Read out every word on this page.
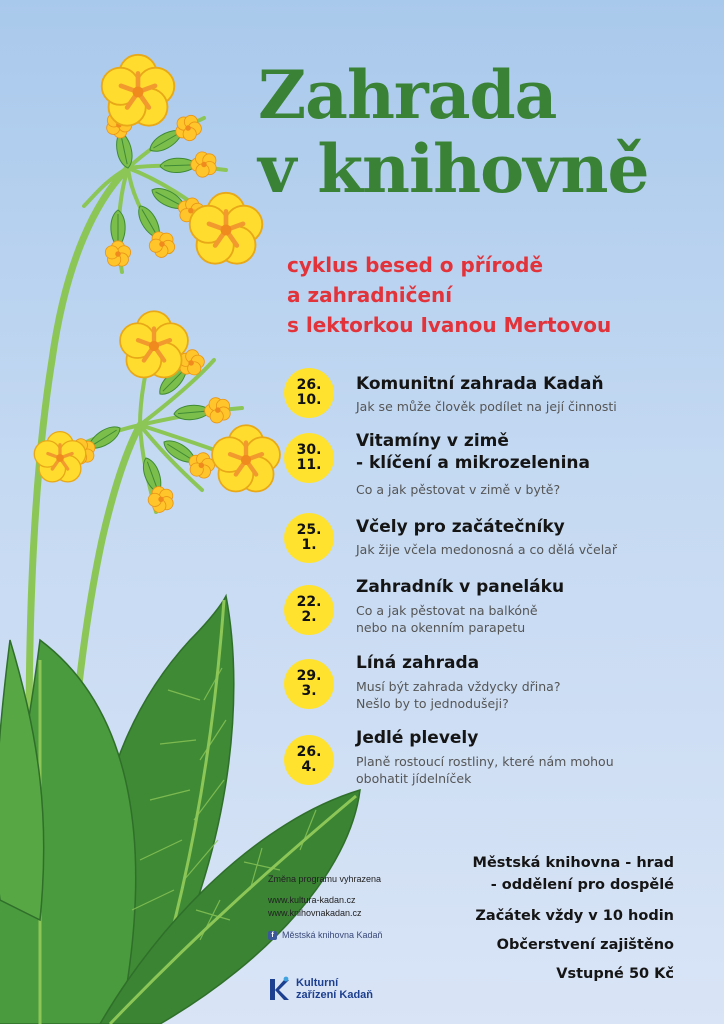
Zahrada
v knihovně
cyklus besed o přírodě
a zahradničení
s lektorkou Ivanou Mertovou
26.
10.
Komunitní zahrada Kadaň
Jak se může člověk podílet na její činnosti
30.
11.
Vitamíny v zimě
- klíčení a mikrozelenina
Co a jak pěstovat v zimě v bytě?
25.
1.
Včely pro začátečníky
Jak žije včela medonosná a co dělá včelař
22.
2.
Zahradník v paneláku
Co a jak pěstovat na balkóně
nebo na okenním parapetu
29.
3.
Líná zahrada
Musí být zahrada vždycky dřina?
Nešlo by to jednodušeji?
26.
4.
Jedlé plevely
Planě rostoucí rostliny, které nám mohou
obohatit jídelníček
Změna programu vyhrazena
www.kultura-kadan.cz
www.knihovnakadan.cz
f Městská knihovna Kadaň
Kulturní
zařízení Kadaň
Městská knihovna - hrad
- oddělení pro dospělé
Začátek vždy v 10 hodin
Občerstvení zajištěno
Vstupné 50 Kč
